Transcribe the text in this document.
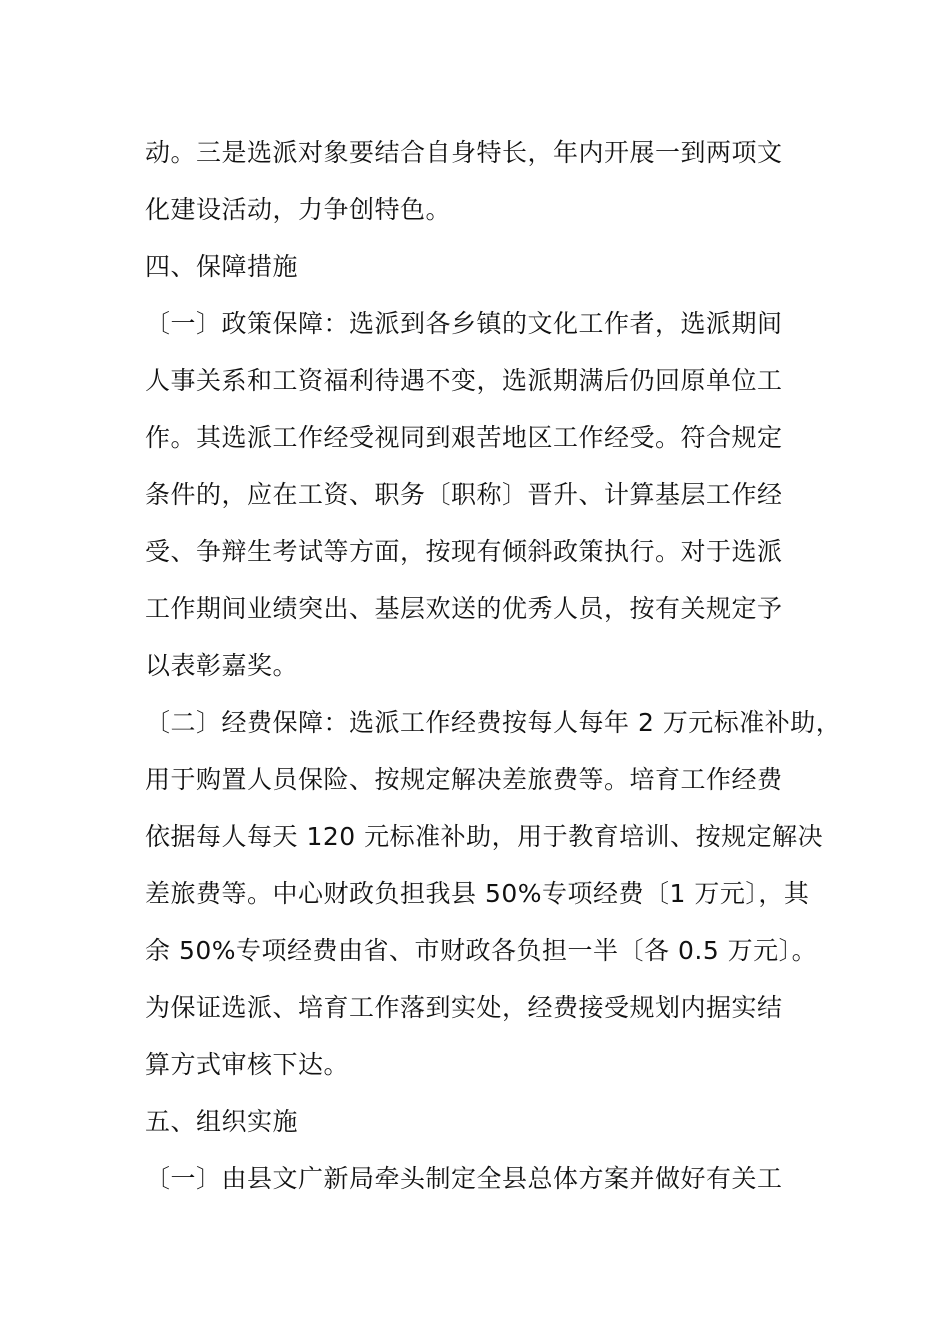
动。三是选派对象要结合自身特长，年内开展一到两项文
化建设活动，力争创特色。
四、保障措施
〔一〕政策保障：选派到各乡镇的文化工作者，选派期间
人事关系和工资福利待遇不变，选派期满后仍回原单位工
作。其选派工作经受视同到艰苦地区工作经受。符合规定
条件的，应在工资、职务〔职称〕晋升、计算基层工作经
受、争辩生考试等方面，按现有倾斜政策执行。对于选派
工作期间业绩突出、基层欢送的优秀人员，按有关规定予
以表彰嘉奖。
〔二〕经费保障：选派工作经费按每人每年 2 万元标准补助，
用于购置人员保险、按规定解决差旅费等。培育工作经费
依据每人每天 120 元标准补助，用于教育培训、按规定解决
差旅费等。中心财政负担我县 50%专项经费〔1 万元〕，其
余 50%专项经费由省、市财政各负担一半〔各 0.5 万元〕。
为保证选派、培育工作落到实处，经费接受规划内据实结
算方式审核下达。
五、组织实施
〔一〕由县文广新局牵头制定全县总体方案并做好有关工
